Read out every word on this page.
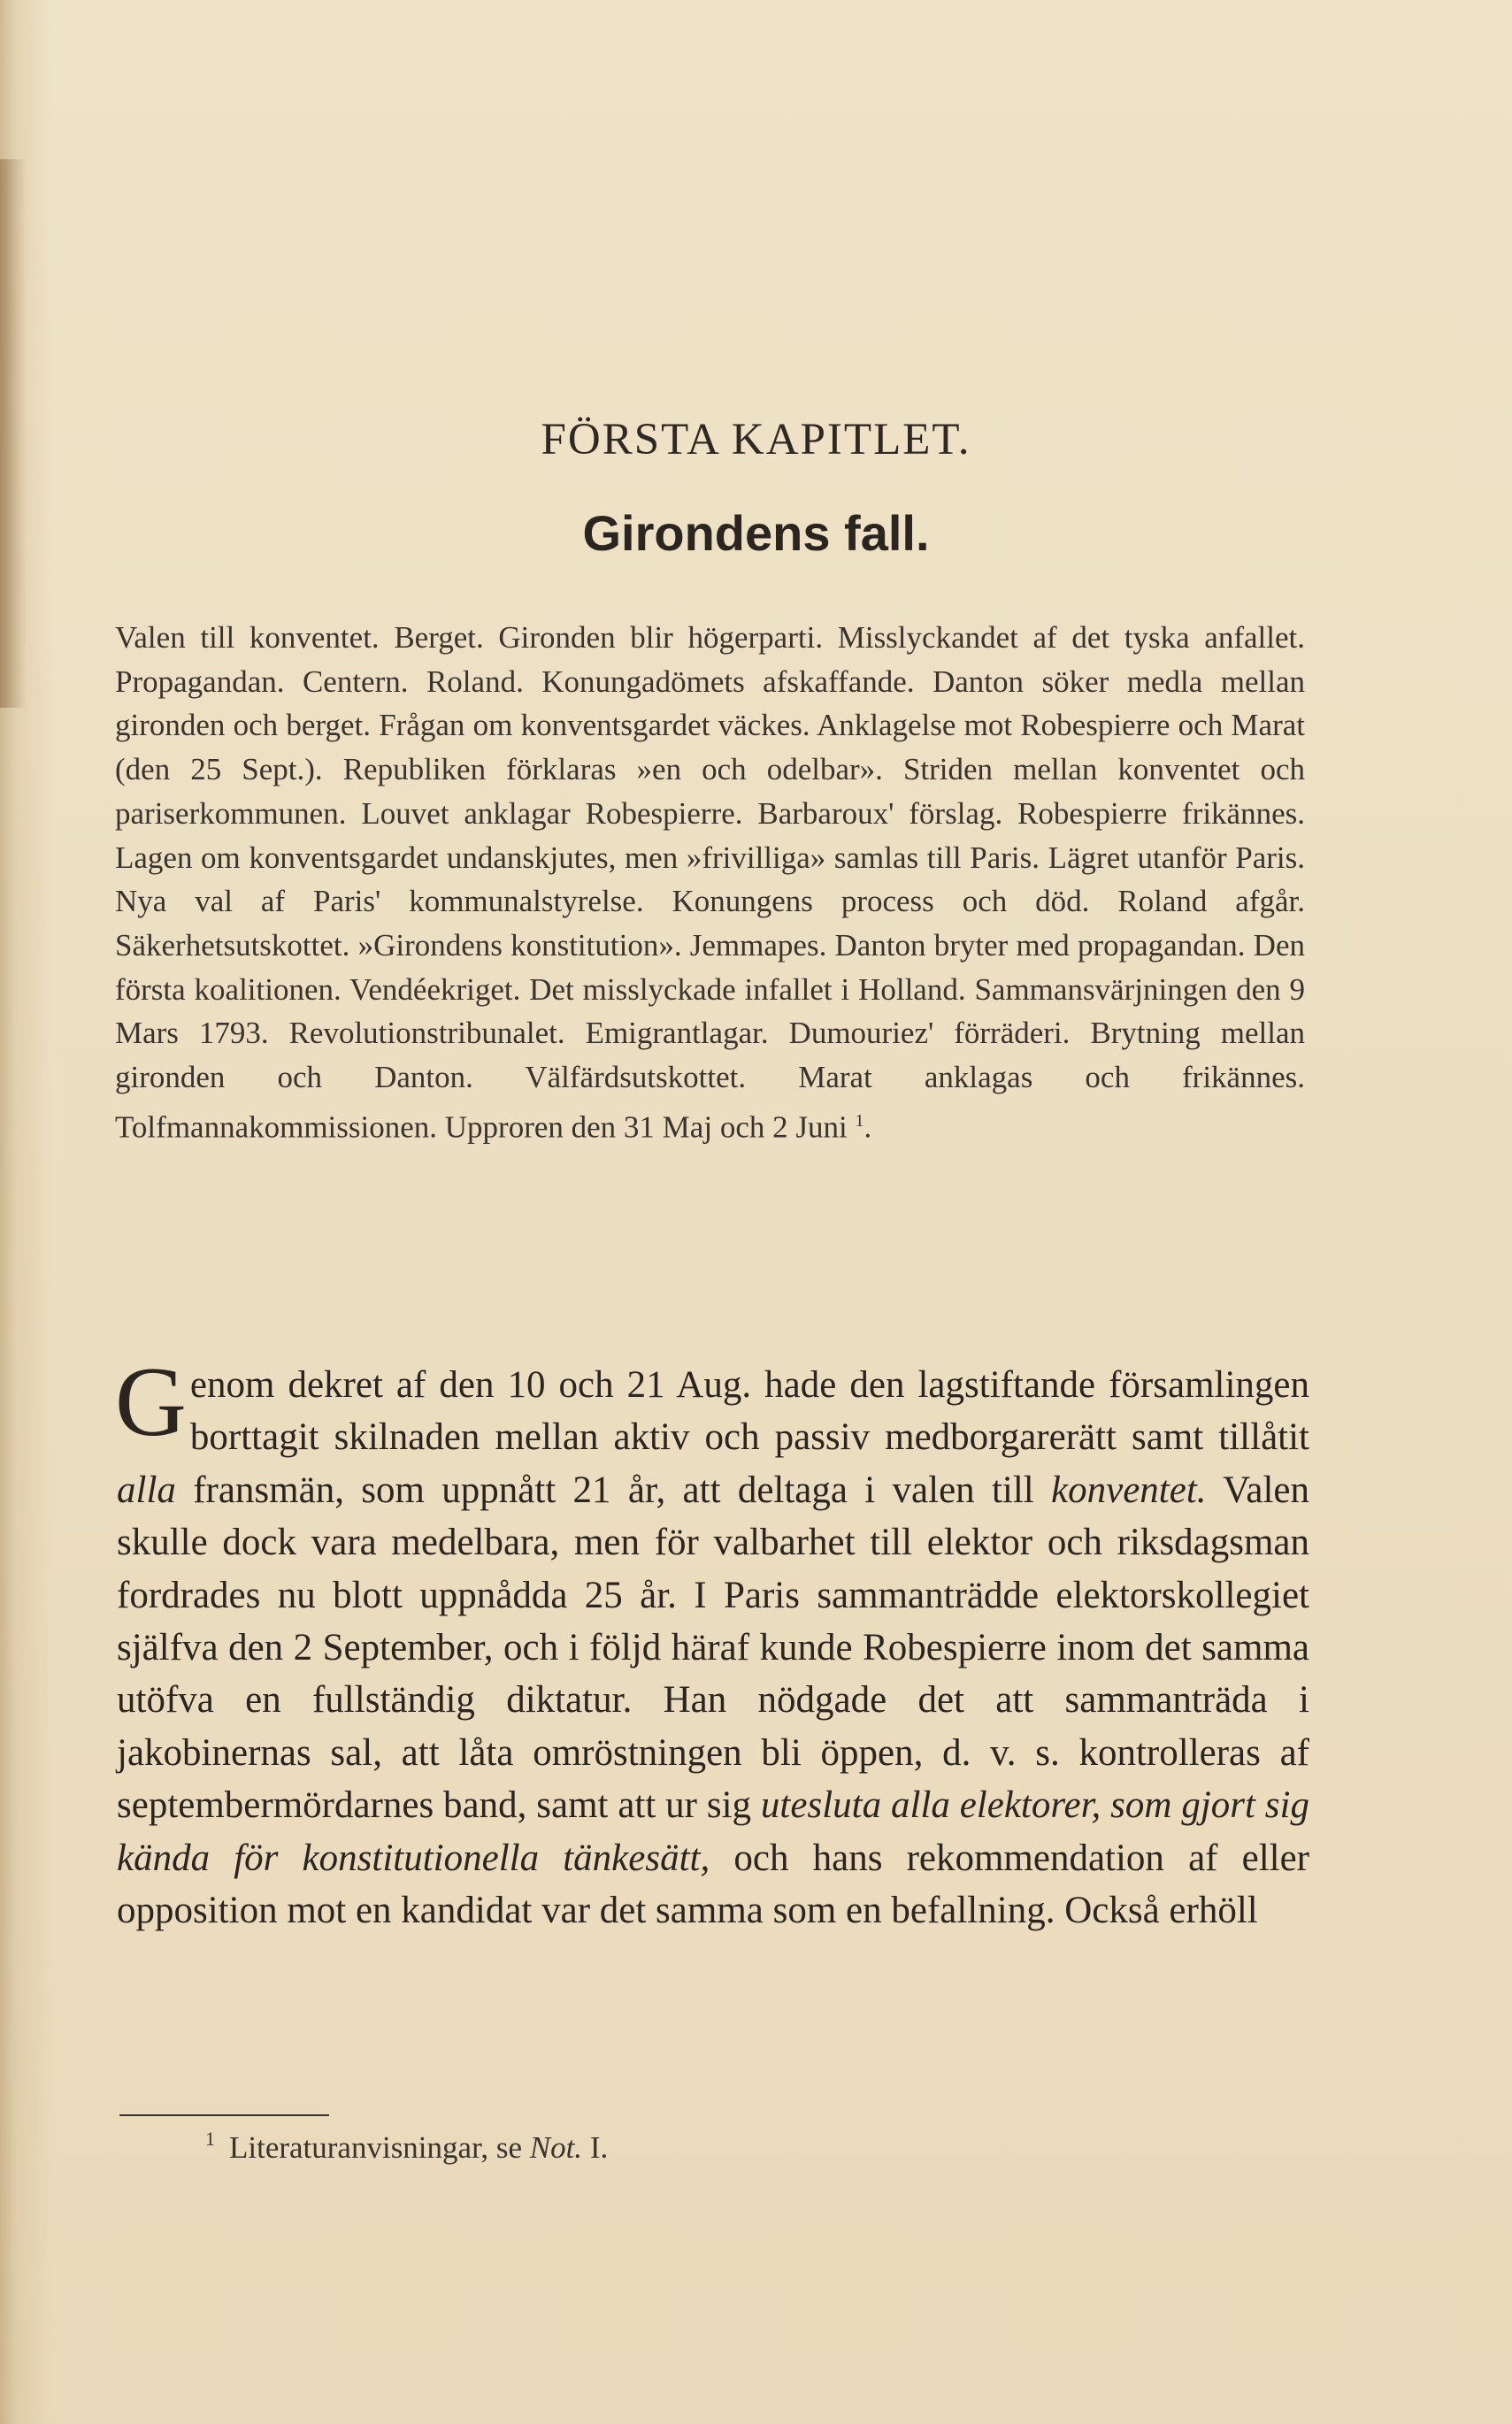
FÖRSTA KAPITLET.
Girondens fall.

Valen till konventet. Berget. Gironden blir högerparti. Misslyckandet af det tyska anfallet. Propagandan. Centern. Roland. Konungadömets afskaffande. Danton söker medla mellan gironden och berget. Frågan om konventsgardet väckes. Anklagelse mot Robespierre och Marat (den 25 Sept.). Republiken förklaras »en och odelbar». Striden mellan konventet och pariserkommunen. Louvet anklagar Robespierre. Barbaroux' förslag. Robespierre frikännes. Lagen om konventsgardet undanskjutes, men »frivilliga» samlas till Paris. Lägret utanför Paris. Nya val af Paris' kommunalstyrelse. Konungens process och död. Roland afgår. Säkerhetsutskottet. »Girondens konstitution». Jemmapes. Danton bryter med propagandan. Den första koalitionen. Vendéekriget. Det misslyckade infallet i Holland. Sammansvärjningen den 9 Mars 1793. Revolutionstribunalet. Emigrantlagar. Dumouriez' förräderi. Brytning mellan gironden och Danton. Välfärdsutskottet. Marat anklagas och frikännes. Tolfmannakommissionen. Upproren den 31 Maj och 2 Juni $^1$.

Genom dekret af den 10 och 21 Aug. hade den lagstiftande församlingen borttagit skilnaden mellan aktiv och passiv medborgarerätt samt tillåtit alla fransmän, som uppnått 21 år, att deltaga i valen till konventet. Valen skulle dock vara medelbara, men för valbarhet till elektor och riksdagsman fordrades nu blott uppnådda 25 år. I Paris sammanträdde elektorskollegiet själfva den 2 September, och i följd häraf kunde Robespierre inom det samma utöfva en fullständig diktatur. Han nödgade det att sammanträda i jakobinernas sal, att låta omröstningen bli öppen, d. v. s. kontrolleras af septembermördarnes band, samt att ur sig utesluta alla elektorer, som gjort sig kända för konstitutionella tänkesätt, och hans rekommendation af eller opposition mot en kandidat var det samma som en befallning. Också erhöll

$^1$ Literaturanvisningar, se Not. I.
